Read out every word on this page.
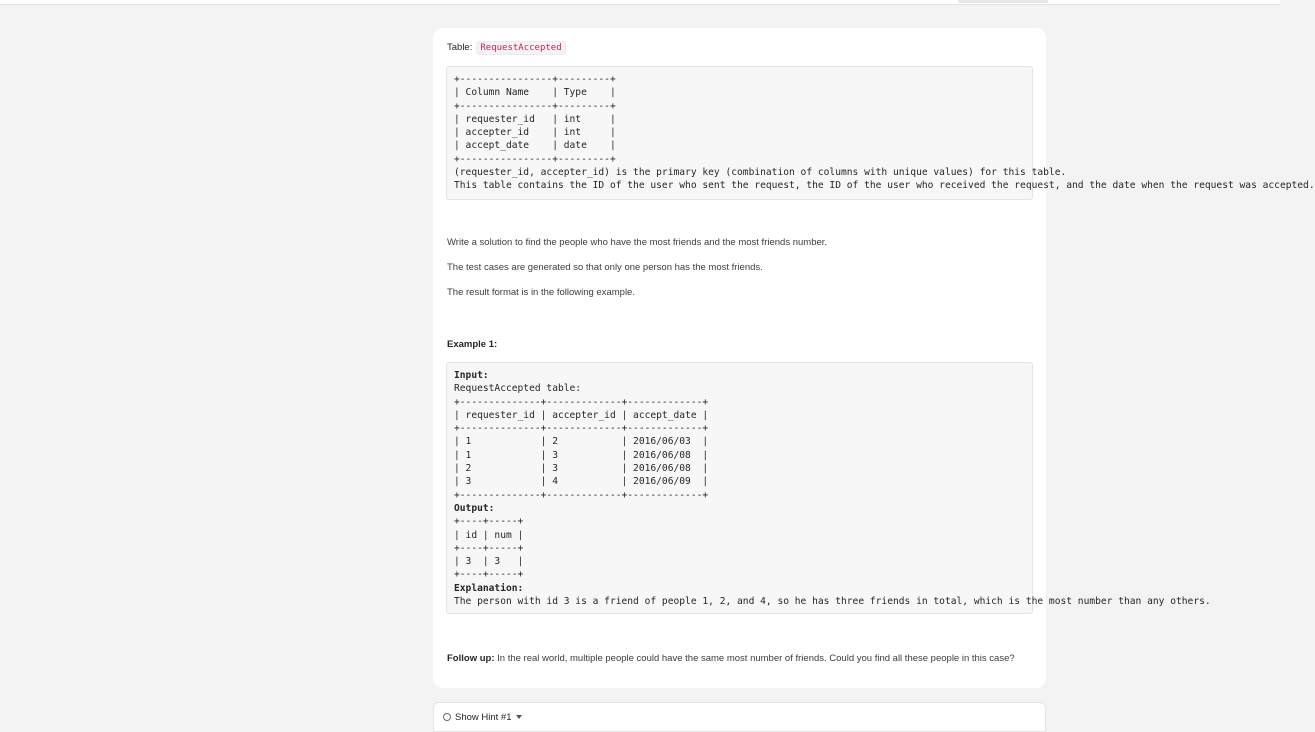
Table: RequestAccepted
+----------------+---------+
| Column Name    | Type    |
+----------------+---------+
| requester_id   | int     |
| accepter_id    | int     |
| accept_date    | date    |
+----------------+---------+
(requester_id, accepter_id) is the primary key (combination of columns with unique values) for this table.
This table contains the ID of the user who sent the request, the ID of the user who received the request, and the date when the request was accepted.
Write a solution to find the people who have the most friends and the most friends number.
The test cases are generated so that only one person has the most friends.
The result format is in the following example.
Example 1:
Input:
RequestAccepted table:
+--------------+-------------+-------------+
| requester_id | accepter_id | accept_date |
+--------------+-------------+-------------+
| 1            | 2           | 2016/06/03  |
| 1            | 3           | 2016/06/08  |
| 2            | 3           | 2016/06/08  |
| 3            | 4           | 2016/06/09  |
+--------------+-------------+-------------+
Output:
+----+-----+
| id | num |
+----+-----+
| 3  | 3   |
+----+-----+
Explanation:
The person with id 3 is a friend of people 1, 2, and 4, so he has three friends in total, which is the most number than any others.
Follow up: In the real world, multiple people could have the same most number of friends. Could you find all these people in this case?
Show Hint #1
